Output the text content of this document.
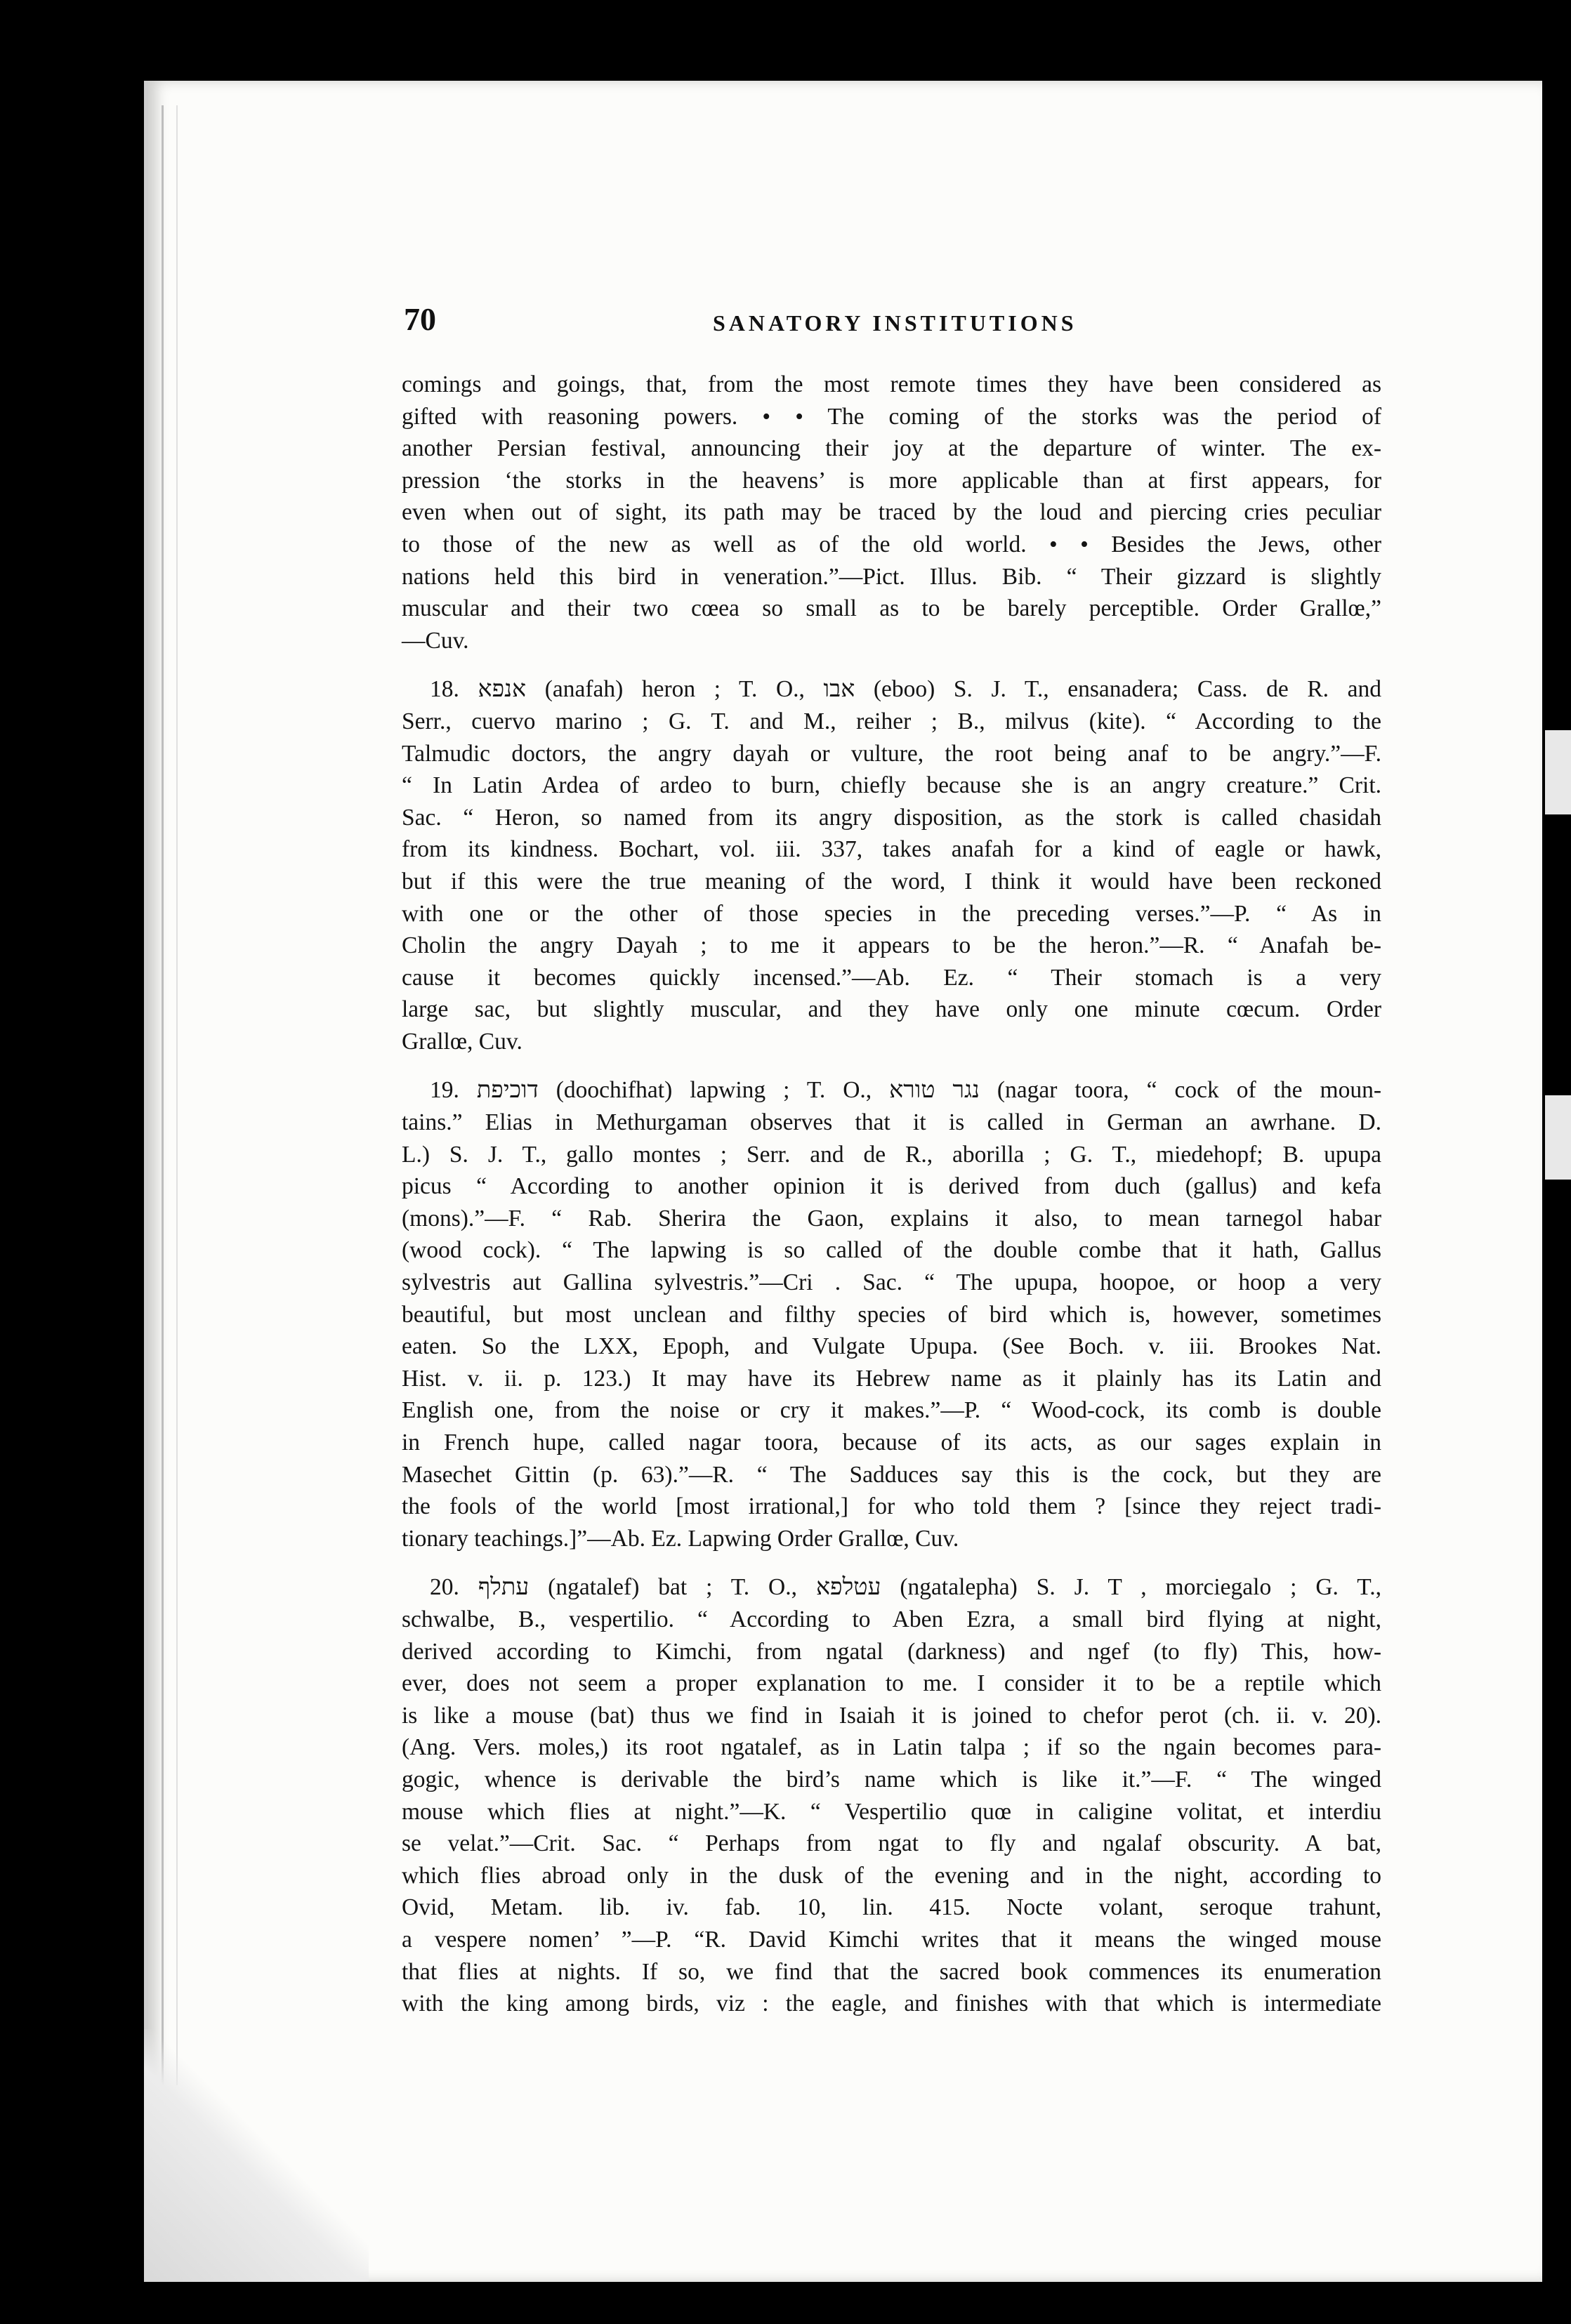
70	SANATORY INSTITUTIONS
comings and goings, that, from the most remote times they have been considered as
gifted with reasoning powers. • • The coming of the storks was the period of
another Persian festival, announcing their joy at the departure of winter. The ex-
pression ‘the storks in the heavens’ is more applicable than at first appears, for
even when out of sight, its path may be traced by the loud and piercing cries peculiar
to those of the new as well as of the old world. • • Besides the Jews, other
nations held this bird in veneration.”—Pict. Illus. Bib. “ Their gizzard is slightly
muscular and their two cœea so small as to be barely perceptible. Order Grallœ,”
—Cuv.
18. אנפא (anafah) heron ; T. O., אבו (eboo) S. J. T., ensanadera; Cass. de R. and
Serr., cuervo marino ; G. T. and M., reiher ; B., milvus (kite). “ According to the
Talmudic doctors, the angry dayah or vulture, the root being anaf to be angry.”—F.
“ In Latin Ardea of ardeo to burn, chiefly because she is an angry creature.” Crit.
Sac. “ Heron, so named from its angry disposition, as the stork is called chasidah
from its kindness. Bochart, vol. iii. 337, takes anafah for a kind of eagle or hawk,
but if this were the true meaning of the word, I think it would have been reckoned
with one or the other of those species in the preceding verses.”—P. “ As in
Cholin the angry Dayah ; to me it appears to be the heron.”—R. “ Anafah be-
cause it becomes quickly incensed.”—Ab. Ez. “ Their stomach is a very
large sac, but slightly muscular, and they have only one minute cœcum. Order
Grallœ, Cuv.
19. דוכיפת (doochifhat) lapwing ; T. O., נגר טורא (nagar toora, “ cock of the moun-
tains.” Elias in Methurgaman observes that it is called in German an awrhane. D.
L.) S. J. T., gallo montes ; Serr. and de R., aborilla ; G. T., miedehopf; B. upupa
picus “ According to another opinion it is derived from duch (gallus) and kefa
(mons).”—F. “ Rab. Sherira the Gaon, explains it also, to mean tarnegol habar
(wood cock). “ The lapwing is so called of the double combe that it hath, Gallus
sylvestris aut Gallina sylvestris.”—Cri . Sac. “ The upupa, hoopoe, or hoop a very
beautiful, but most unclean and filthy species of bird which is, however, sometimes
eaten. So the LXX, Epoph, and Vulgate Upupa. (See Boch. v. iii. Brookes Nat.
Hist. v. ii. p. 123.) It may have its Hebrew name as it plainly has its Latin and
English one, from the noise or cry it makes.”—P. “ Wood-cock, its comb is double
in French hupe, called nagar toora, because of its acts, as our sages explain in
Masechet Gittin (p. 63).”—R. “ The Sadduces say this is the cock, but they are
the fools of the world [most irrational,] for who told them ? [since they reject tradi-
tionary teachings.]”—Ab. Ez. Lapwing Order Grallœ, Cuv.
20. עתלף (ngatalef) bat ; T. O., עטלפא (ngatalepha) S. J. T , morciegalo ; G. T.,
schwalbe, B., vespertilio. “ According to Aben Ezra, a small bird flying at night,
derived according to Kimchi, from ngatal (darkness) and ngef (to fly) This, how-
ever, does not seem a proper explanation to me. I consider it to be a reptile which
is like a mouse (bat) thus we find in Isaiah it is joined to chefor perot (ch. ii. v. 20).
(Ang. Vers. moles,) its root ngatalef, as in Latin talpa ; if so the ngain becomes para-
gogic, whence is derivable the bird’s name which is like it.”—F. “ The winged
mouse which flies at night.”—K. “ Vespertilio quœ in caligine volitat, et interdiu
se velat.”—Crit. Sac. “ Perhaps from ngat to fly and ngalaf obscurity. A bat,
which flies abroad only in the dusk of the evening and in the night, according to
Ovid, Metam. lib. iv. fab. 10, lin. 415. Nocte volant, seroque trahunt,
a vespere nomen’ ”—P. “R. David Kimchi writes that it means the winged mouse
that flies at nights. If so, we find that the sacred book commences its enumeration
with the king among birds, viz : the eagle, and finishes with that which is intermediate
